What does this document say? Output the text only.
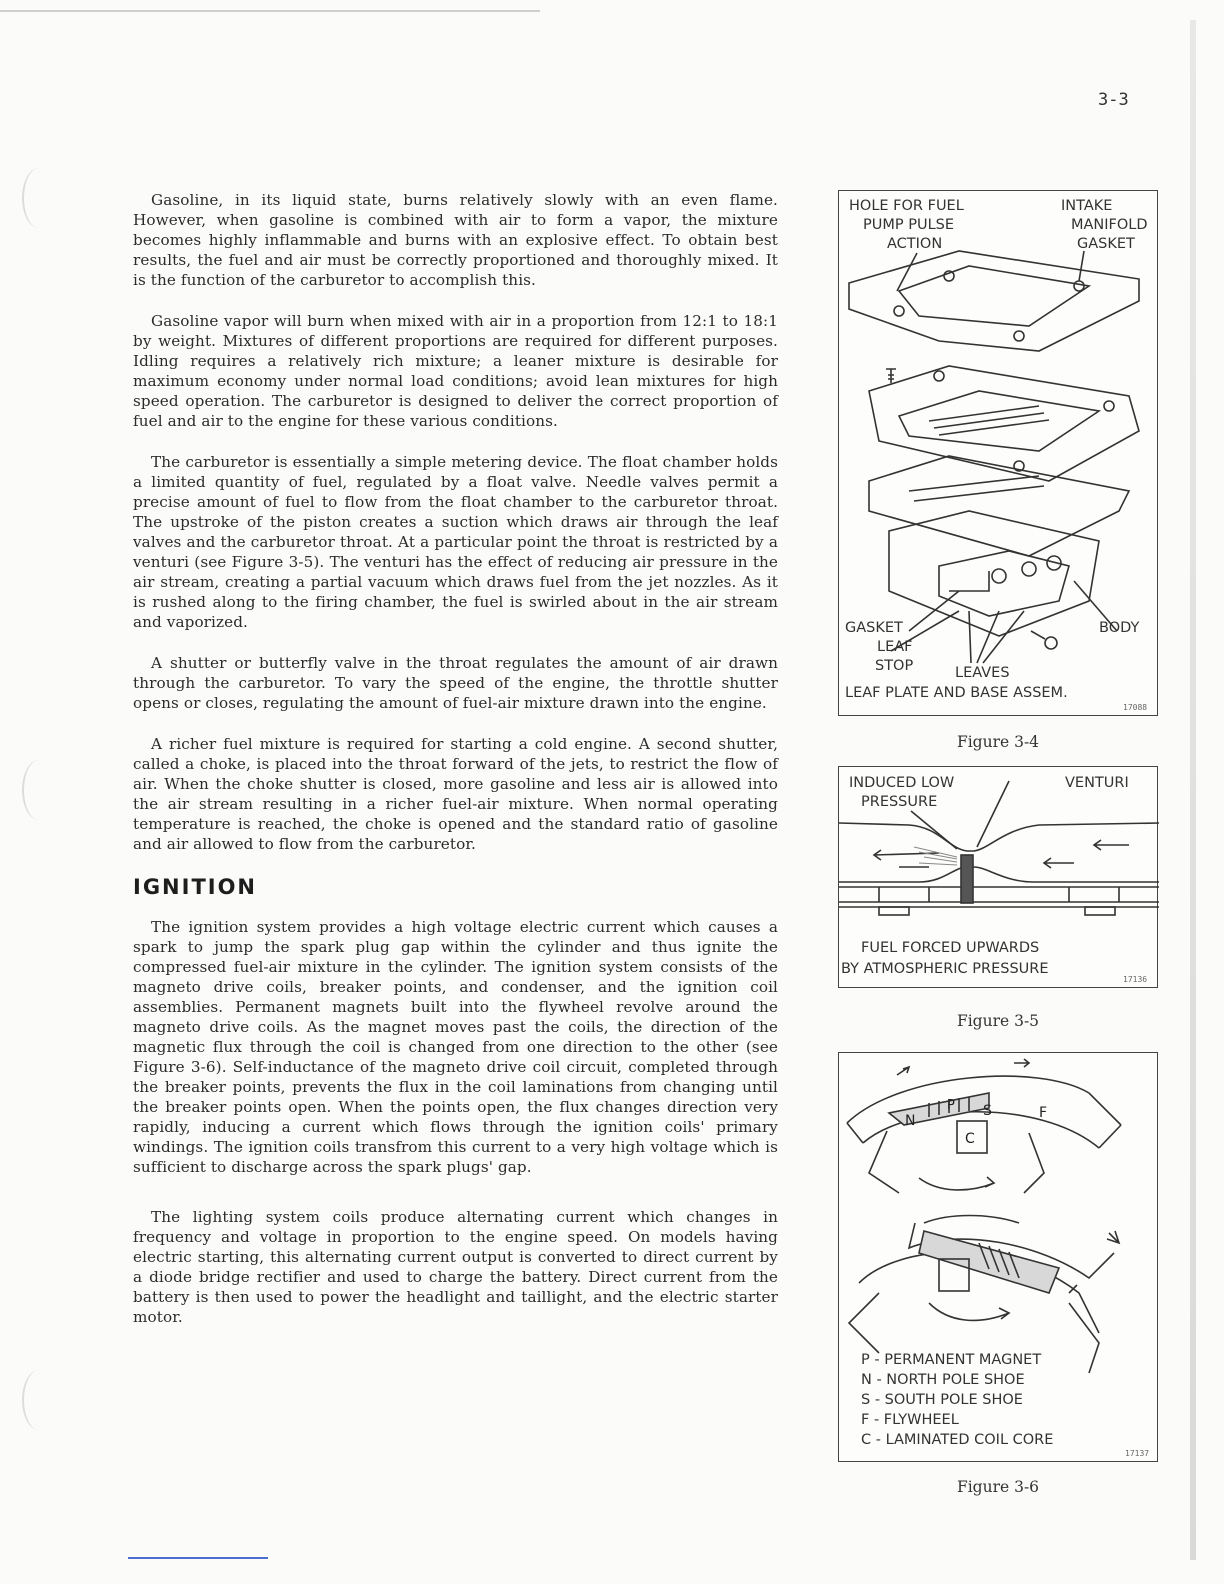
3-3

Gasoline, in its liquid state, burns relatively slowly with an even flame. However, when gasoline is combined with air to form a vapor, the mixture becomes highly inflammable and burns with an explosive effect. To obtain best results, the fuel and air must be correctly proportioned and thoroughly mixed. It is the function of the carburetor to accomplish this.

Gasoline vapor will burn when mixed with air in a proportion from 12:1 to 18:1 by weight. Mixtures of different proportions are required for different purposes. Idling requires a relatively rich mixture; a leaner mixture is desirable for maximum economy under normal load conditions; avoid lean mixtures for high speed operation. The carburetor is designed to deliver the correct proportion of fuel and air to the engine for these various conditions.

The carburetor is essentially a simple metering device. The float chamber holds a limited quantity of fuel, regulated by a float valve. Needle valves permit a precise amount of fuel to flow from the float chamber to the carburetor throat. The upstroke of the piston creates a suction which draws air through the leaf valves and the carburetor throat. At a particular point the throat is restricted by a venturi (see Figure 3-5). The venturi has the effect of reducing air pressure in the air stream, creating a partial vacuum which draws fuel from the jet nozzles. As it is rushed along to the firing chamber, the fuel is swirled about in the air stream and vaporized.

A shutter or butterfly valve in the throat regulates the amount of air drawn through the carburetor. To vary the speed of the engine, the throttle shutter opens or closes, regulating the amount of fuel-air mixture drawn into the engine.

A richer fuel mixture is required for starting a cold engine. A second shutter, called a choke, is placed into the throat forward of the jets, to restrict the flow of air. When the choke shutter is closed, more gasoline and less air is allowed into the air stream resulting in a richer fuel-air mixture. When normal operating temperature is reached, the choke is opened and the standard ratio of gasoline and air allowed to flow from the carburetor.

IGNITION

The ignition system provides a high voltage electric current which causes a spark to jump the spark plug gap within the cylinder and thus ignite the compressed fuel-air mixture in the cylinder. The ignition system consists of the magneto drive coils, breaker points, and condenser, and the ignition coil assemblies. Permanent magnets built into the flywheel revolve around the magneto drive coils. As the magnet moves past the coils, the direction of the magnetic flux through the coil is changed from one direction to the other (see Figure 3-6). Self-inductance of the magneto drive coil circuit, completed through the breaker points, prevents the flux in the coil laminations from changing until the breaker points open. When the points open, the flux changes direction very rapidly, inducing a current which flows through the ignition coils' primary windings. The ignition coils transfrom this current to a very high voltage which is sufficient to discharge across the spark plugs' gap.

The lighting system coils produce alternating current which changes in frequency and voltage in proportion to the engine speed. On models having electric starting, this alternating current output is converted to direct current by a diode bridge rectifier and used to charge the battery. Direct current from the battery is then used to power the headlight and taillight, and the electric starter motor.

HOLE FOR FUEL
PUMP PULSE
ACTION
INTAKE
MANIFOLD
GASKET
GASKET	BODY
LEAF
STOP	LEAVES
LEAF PLATE AND BASE ASSEM.
17088
Figure 3-4
INDUCED LOW
PRESSURE
VENTURI
FUEL FORCED UPWARDS
BY ATMOSPHERIC PRESSURE
17136
Figure 3-5
N
S
P	F
C
P - PERMANENT MAGNET
N - NORTH POLE SHOE
S - SOUTH POLE SHOE
F - FLYWHEEL
C - LAMINATED COIL CORE
17137
Figure 3-6
